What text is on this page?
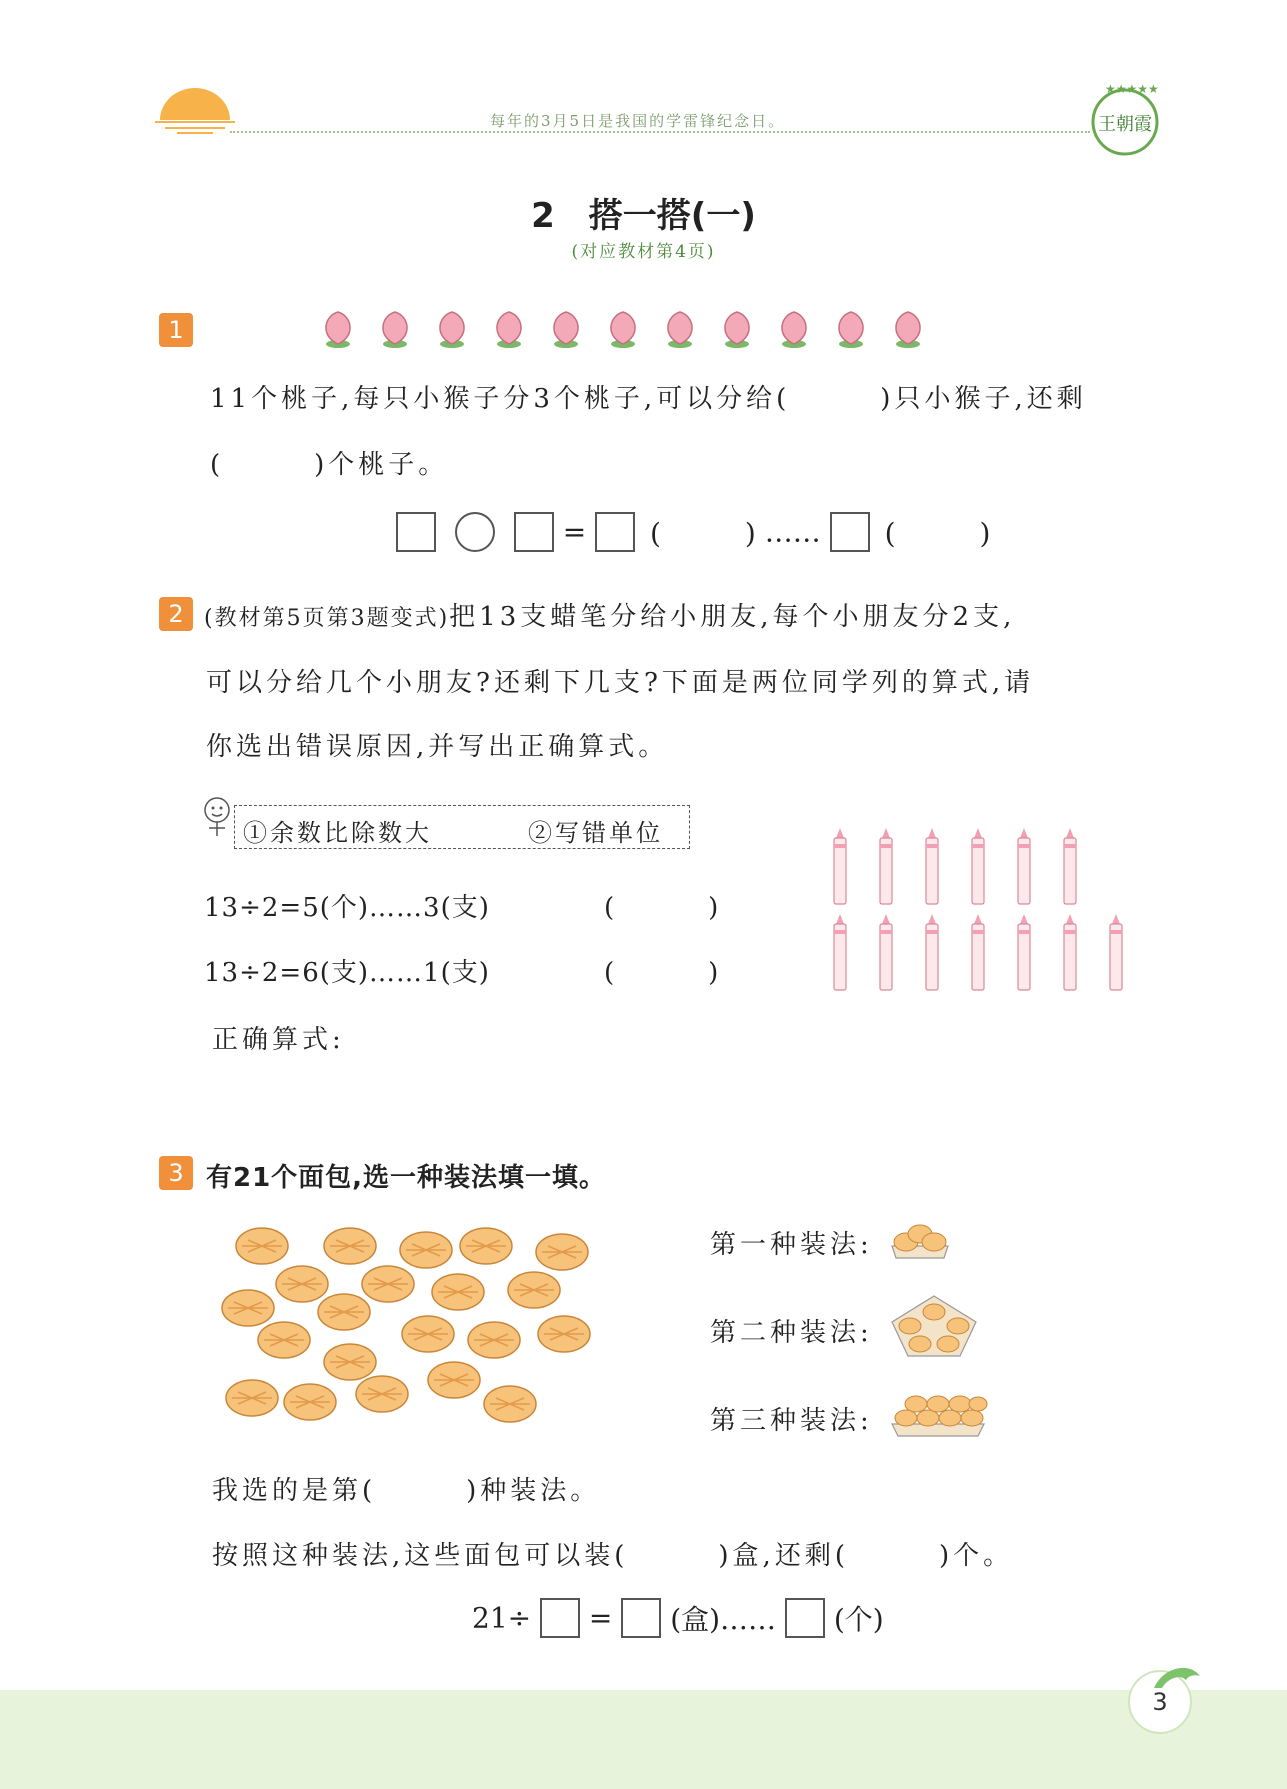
每年的3月5日是我国的学雷锋纪念日。
★★★★★
王朝霞
2　搭一搭(一)
(对应教材第4页)
1
11个桃子,每只小猴子分3个桃子,可以分给(　　　)只小猴子,还剩
(　　　)个桃子。
= (　　　) …… (　　　)
2 (教材第5页第3题变式)把13支蜡笔分给小朋友,每个小朋友分2支,
可以分给几个小朋友?还剩下几支?下面是两位同学列的算式,请
你选出错误原因,并写出正确算式。
①余数比除数大	②写错单位
13÷2=5(个)……3(支)	(　　　)
13÷2=6(支)……1(支)	(　　　)
正确算式:
3 有21个面包,选一种装法填一填。
第一种装法:
第二种装法:
第三种装法:
我选的是第(　　　)种装法。
按照这种装法,这些面包可以装(　　　)盒,还剩(　　　)个。
21÷ = (盒)…… (个)
3
